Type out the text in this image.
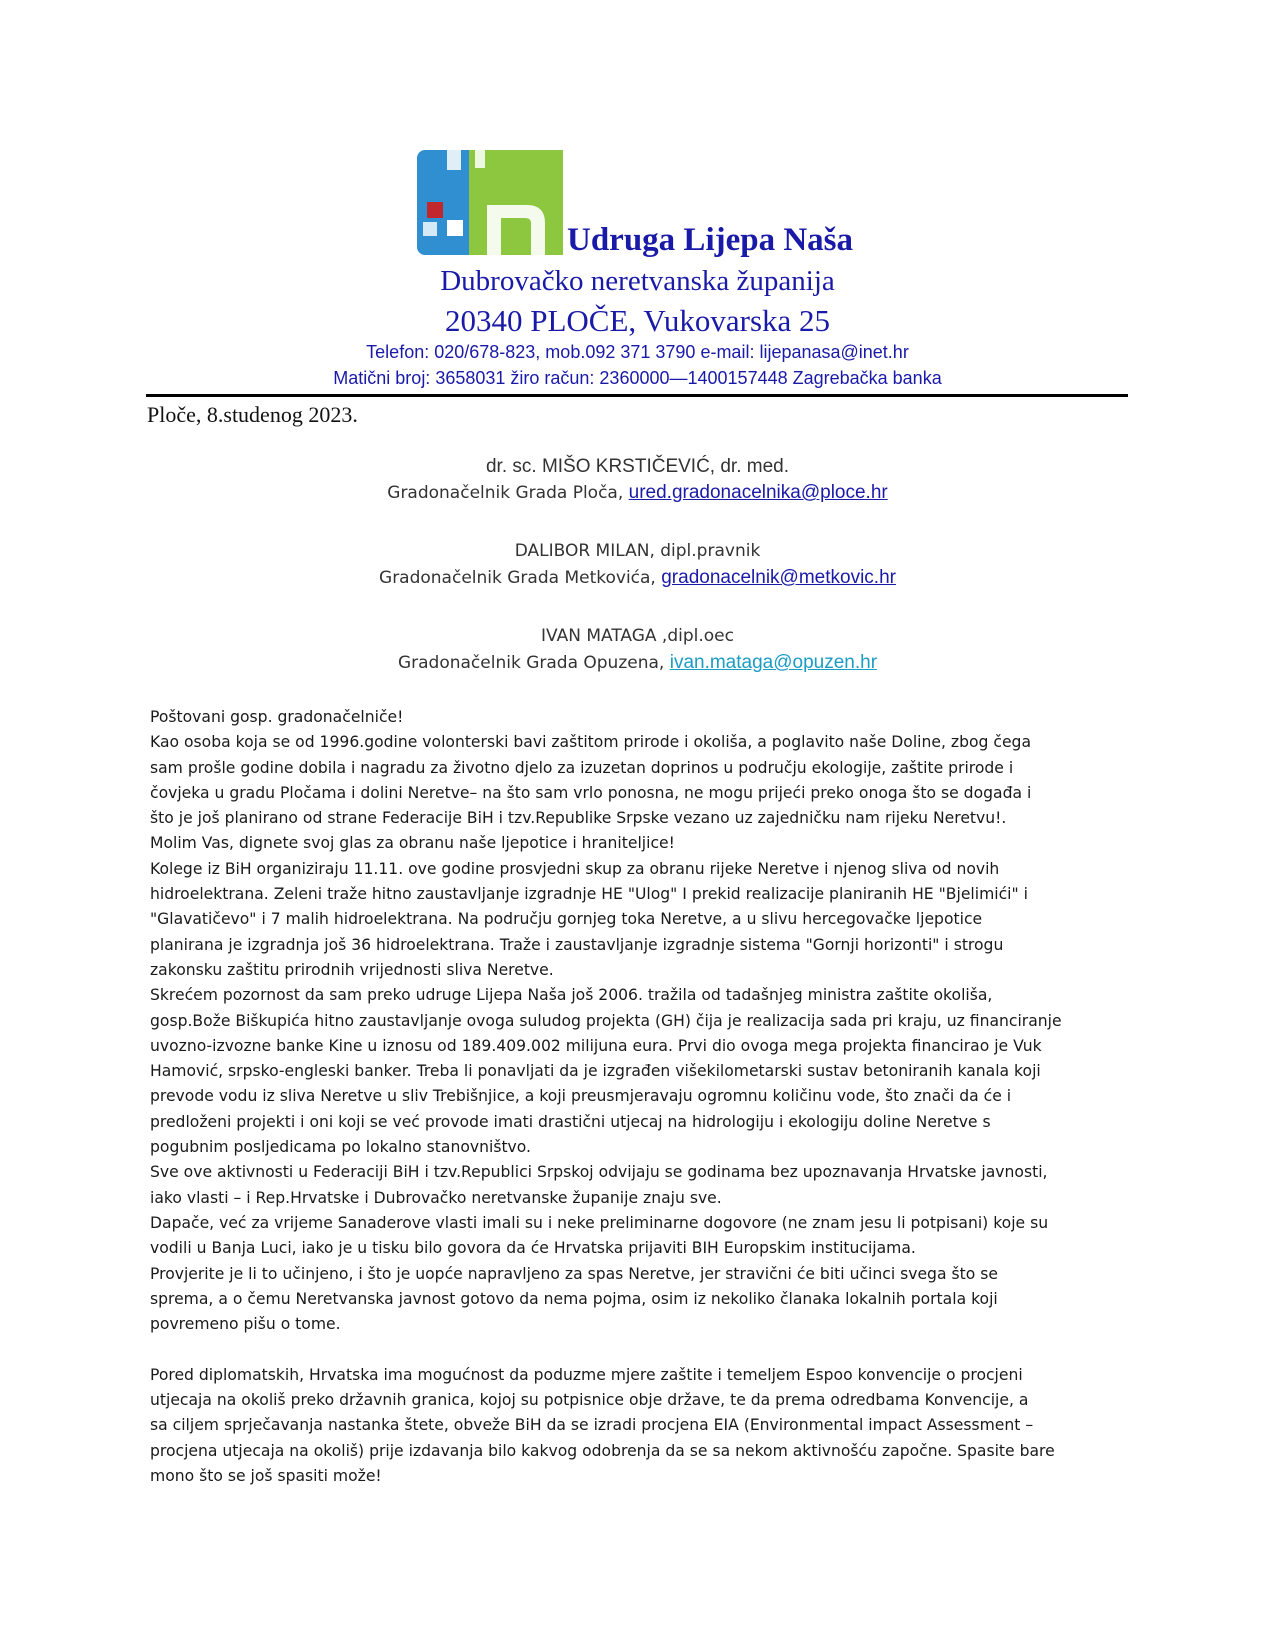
Udruga Lijepa Naša
Dubrovačko neretvanska županija
20340 PLOČE, Vukovarska 25
Telefon: 020/678-823, mob.092 371 3790 e-mail: lijepanasa@inet.hr
Matični broj: 3658031 žiro račun: 2360000—1400157448 Zagrebačka banka
Ploče, 8.studenog 2023.
dr. sc. MIŠO KRSTIČEVIĆ, dr. med.
Gradonačelnik Grada Ploča, ured.gradonacelnika@ploce.hr
DALIBOR MILAN, dipl.pravnik
Gradonačelnik Grada Metkovića, gradonacelnik@metkovic.hr
IVAN MATAGA ,dipl.oec
Gradonačelnik Grada Opuzena, ivan.mataga@opuzen.hr
Poštovani gosp. gradonačelniče!
Kao osoba koja se od 1996.godine volonterski bavi zaštitom prirode i okoliša, a poglavito naše Doline, zbog čega
sam prošle godine dobila i nagradu za životno djelo za izuzetan doprinos u području ekologije, zaštite prirode i
čovjeka u gradu Pločama i dolini Neretve– na što sam vrlo ponosna, ne mogu prijeći preko onoga što se događa i
što je još planirano od strane Federacije BiH i tzv.Republike Srpske vezano uz zajedničku nam rijeku Neretvu!.
Molim Vas, dignete svoj glas za obranu naše ljepotice i hraniteljice!
Kolege iz BiH organiziraju 11.11. ove godine prosvjedni skup za obranu rijeke Neretve i njenog sliva od novih
hidroelektrana. Zeleni traže hitno zaustavljanje izgradnje HE "Ulog" I prekid realizacije planiranih HE "Bjelimići" i
"Glavatičevo" i 7 malih hidroelektrana. Na području gornjeg toka Neretve, a u slivu hercegovačke ljepotice
planirana je izgradnja još 36 hidroelektrana. Traže i zaustavljanje izgradnje sistema "Gornji horizonti" i strogu
zakonsku zaštitu prirodnih vrijednosti sliva Neretve.
Skrećem pozornost da sam preko udruge Lijepa Naša još 2006. tražila od tadašnjeg ministra zaštite okoliša,
gosp.Bože Biškupića hitno zaustavljanje ovoga suludog projekta (GH) čija je realizacija sada pri kraju, uz financiranje
uvozno-izvozne banke Kine u iznosu od 189.409.002 milijuna eura. Prvi dio ovoga mega projekta financirao je Vuk
Hamović, srpsko-engleski banker. Treba li ponavljati da je izgrađen višekilometarski sustav betoniranih kanala koji
prevode vodu iz sliva Neretve u sliv Trebišnjice, a koji preusmjeravaju ogromnu količinu vode, što znači da će i
predloženi projekti i oni koji se već provode imati drastični utjecaj na hidrologiju i ekologiju doline Neretve s
pogubnim posljedicama po lokalno stanovništvo.
Sve ove aktivnosti u Federaciji BiH i tzv.Republici Srpskoj odvijaju se godinama bez upoznavanja Hrvatske javnosti,
iako vlasti – i Rep.Hrvatske i Dubrovačko neretvanske županije znaju sve.
Dapače, već za vrijeme Sanaderove vlasti imali su i neke preliminarne dogovore (ne znam jesu li potpisani) koje su
vodili u Banja Luci, iako je u tisku bilo govora da će Hrvatska prijaviti BIH Europskim institucijama.
Provjerite je li to učinjeno, i što je uopće napravljeno za spas Neretve, jer stravični će biti učinci svega što se
sprema, a o čemu Neretvanska javnost gotovo da nema pojma, osim iz nekoliko članaka lokalnih portala koji
povremeno pišu o tome.
Pored diplomatskih, Hrvatska ima mogućnost da poduzme mjere zaštite i temeljem Espoo konvencije o procjeni
utjecaja na okoliš preko državnih granica, kojoj su potpisnice obje države, te da prema odredbama Konvencije, a
sa ciljem sprječavanja nastanka štete, obveže BiH da se izradi procjena EIA (Environmental impact Assessment –
procjena utjecaja na okoliš) prije izdavanja bilo kakvog odobrenja da se sa nekom aktivnošću započne. Spasite bare
mono što se još spasiti može!
